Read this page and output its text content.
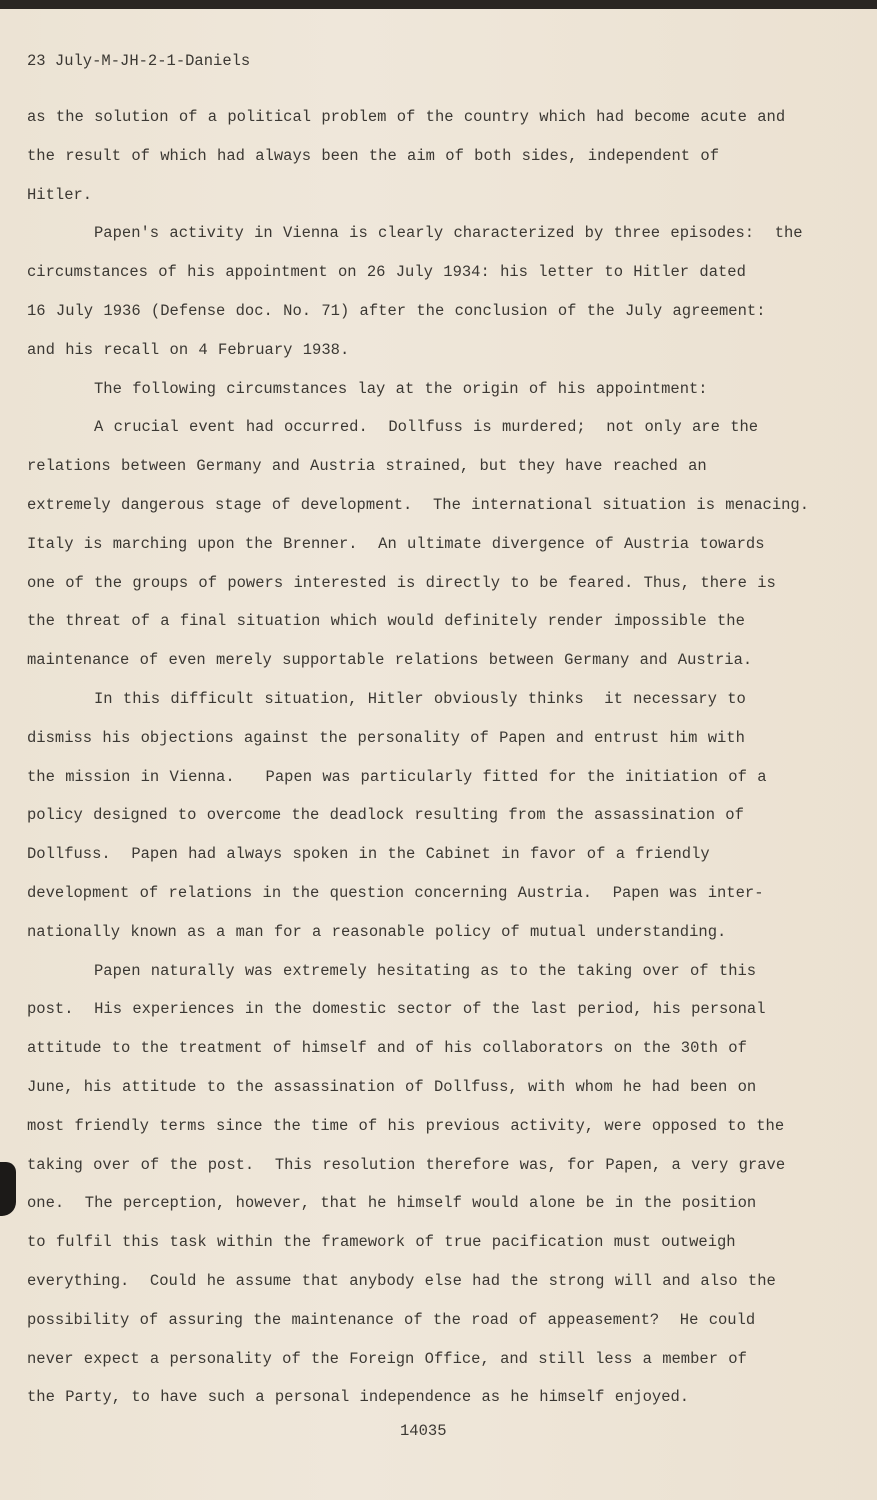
23 July-M-JH-2-1-Daniels
as the solution of a political problem of the country which had become acute and
the result of which had always been the aim of both sides, independent of
Hitler.
Papen's activity in Vienna is clearly characterized by three episodes:  the
circumstances of his appointment on 26 July 1934: his letter to Hitler dated
16 July 1936 (Defense doc. No. 71) after the conclusion of the July agreement:
and his recall on 4 February 1938.
The following circumstances lay at the origin of his appointment:
A crucial event had occurred.  Dollfuss is murdered;  not only are the
relations between Germany and Austria strained, but they have reached an
extremely dangerous stage of development.  The international situation is menacing.
Italy is marching upon the Brenner.  An ultimate divergence of Austria towards
one of the groups of powers interested is directly to be feared. Thus, there is
the threat of a final situation which would definitely render impossible the
maintenance of even merely supportable relations between Germany and Austria.
In this difficult situation, Hitler obviously thinks  it necessary to
dismiss his objections against the personality of Papen and entrust him with
the mission in Vienna.   Papen was particularly fitted for the initiation of a
policy designed to overcome the deadlock resulting from the assassination of
Dollfuss.  Papen had always spoken in the Cabinet in favor of a friendly
development of relations in the question concerning Austria.  Papen was inter-
nationally known as a man for a reasonable policy of mutual understanding.
Papen naturally was extremely hesitating as to the taking over of this
post.  His experiences in the domestic sector of the last period, his personal
attitude to the treatment of himself and of his collaborators on the 30th of
June, his attitude to the assassination of Dollfuss, with whom he had been on
most friendly terms since the time of his previous activity, were opposed to the
taking over of the post.  This resolution therefore was, for Papen, a very grave
one.  The perception, however, that he himself would alone be in the position
to fulfil this task within the framework of true pacification must outweigh
everything.  Could he assume that anybody else had the strong will and also the
possibility of assuring the maintenance of the road of appeasement?  He could
never expect a personality of the Foreign Office, and still less a member of
the Party, to have such a personal independence as he himself enjoyed.
14035
